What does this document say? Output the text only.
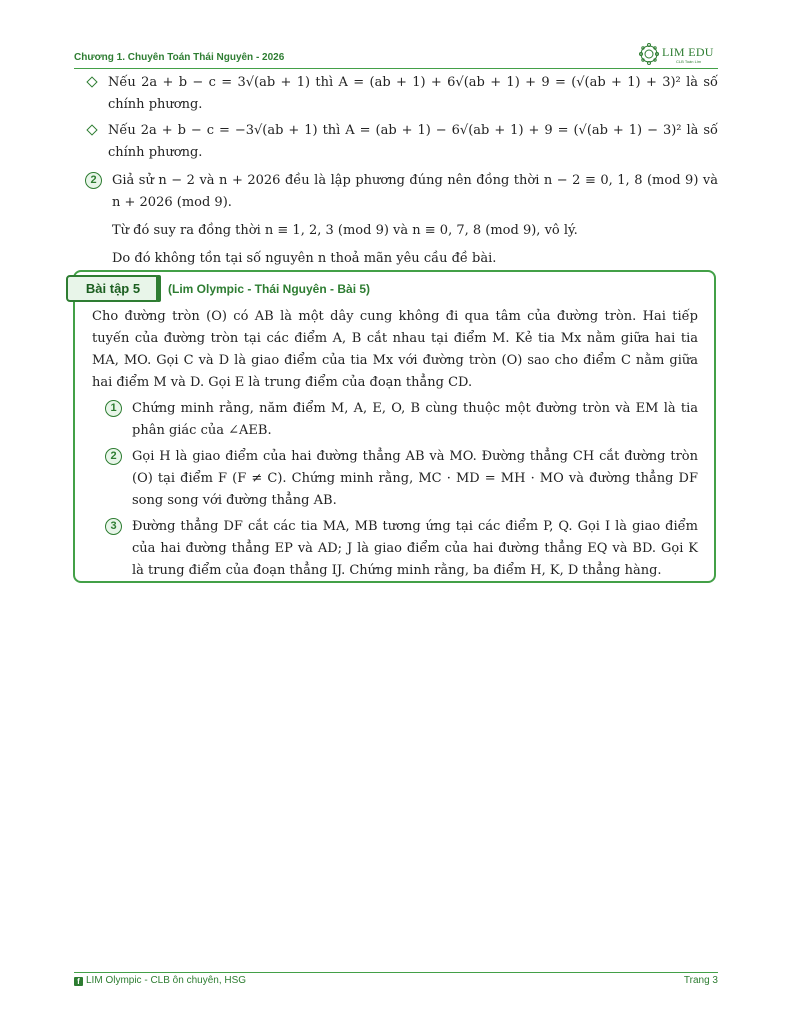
Chương 1. Chuyên Toán Thái Nguyên - 2026	LIM EDU
CLB Toán Lim
Nếu 2a + b − c = 3√(ab + 1) thì A = (ab + 1) + 6√(ab + 1) + 9 = (√(ab + 1) + 3)² là số chính phương.
Nếu 2a + b − c = −3√(ab + 1) thì A = (ab + 1) − 6√(ab + 1) + 9 = (√(ab + 1) − 3)² là số chính phương.
2	Giả sử n − 2 và n + 2026 đều là lập phương đúng nên đồng thời n − 2 ≡ 0, 1, 8 (mod 9) và n + 2026 (mod 9).
Từ đó suy ra đồng thời n ≡ 1, 2, 3 (mod 9) và n ≡ 0, 7, 8 (mod 9), vô lý.
Do đó không tồn tại số nguyên n thoả mãn yêu cầu đề bài.
Bài tập 5	(Lim Olympic - Thái Nguyên - Bài 5)
Cho đường tròn (O) có AB là một dây cung không đi qua tâm của đường tròn. Hai tiếp tuyến của đường tròn tại các điểm A, B cắt nhau tại điểm M. Kẻ tia Mx nằm giữa hai tia MA, MO. Gọi C và D là giao điểm của tia Mx với đường tròn (O) sao cho điểm C nằm giữa hai điểm M và D. Gọi E là trung điểm của đoạn thẳng CD.
1	Chứng minh rằng, năm điểm M, A, E, O, B cùng thuộc một đường tròn và EM là tia phân giác của ∠AEB.
2	Gọi H là giao điểm của hai đường thẳng AB và MO. Đường thẳng CH cắt đường tròn (O) tại điểm F (F ≠ C). Chứng minh rằng, MC · MD = MH · MO và đường thẳng DF song song với đường thẳng AB.
3	Đường thẳng DF cắt các tia MA, MB tương ứng tại các điểm P, Q. Gọi I là giao điểm của hai đường thẳng EP và AD; J là giao điểm của hai đường thẳng EQ và BD. Gọi K là trung điểm của đoạn thẳng IJ. Chứng minh rằng, ba điểm H, K, D thẳng hàng.
f LIM Olympic - CLB ôn chuyên, HSG	Trang 3
